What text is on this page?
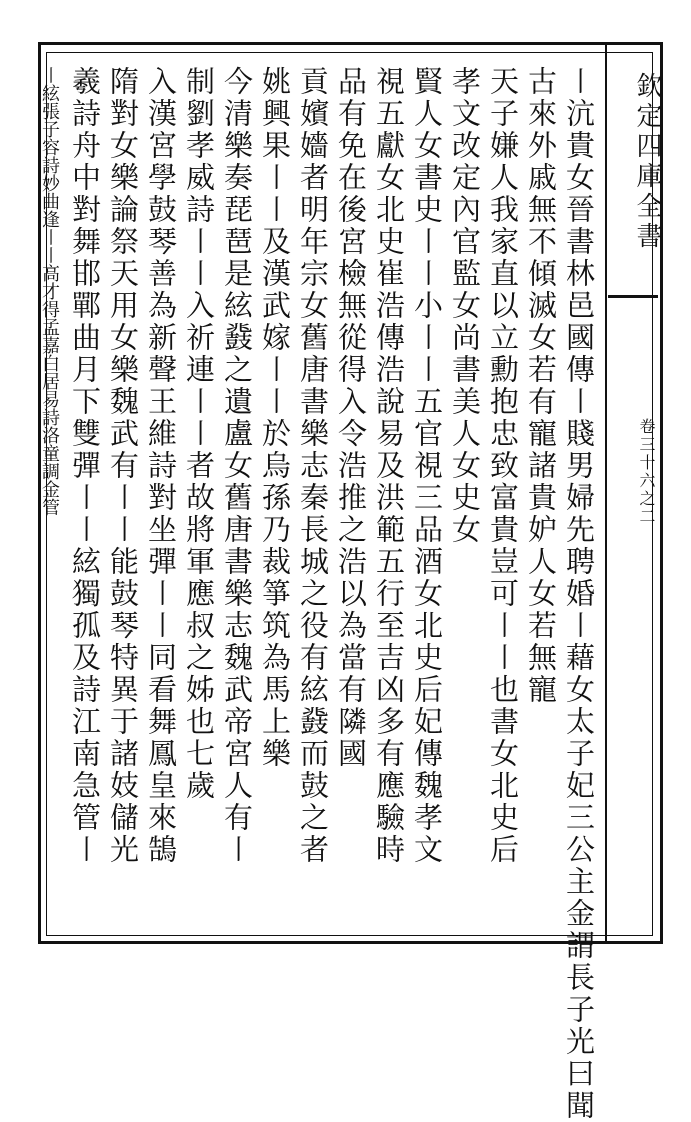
欽定四庫全書
卷三十六之二
〡沆貴女晉書林邑國傳〡賤男婦先聘婚〡藉女太子妃三公主金謂長子光曰聞
古來外戚無不傾滅女若有寵諸貴妒人女若無寵
天子嫌人我家直以立勳抱忠致富貴豈可〡〡也書女北史后
孝文改定內官監女尚書美人女史女
賢人女書史〡〡小〡〡五官視三品酒女北史后妃傳魏孝文
視五獻女北史崔浩傳浩說易及洪範五行至吉凶多有應驗時
品有免在後宮檢無從得入令浩推之浩以為當有隣國
貢嬪嬙者明年宗女舊唐書樂志秦長城之役有絃鼗而鼓之者
姚興果〡〡及漢武嫁〡〡於烏孫乃裁箏筑為馬上樂
今清樂奏琵琶是絃鼗之遺盧女舊唐書樂志魏武帝宮人有〡
制劉孝威詩〡〡入祈連〡〡者故將軍應叔之姊也七歲
入漢宮學鼓琴善為新聲王維詩對坐彈〡〡同看舞鳳皇來鵠
隋對女樂論祭天用女樂魏武有〡〡能鼓琴特異于諸妓儲光
羲詩舟中對舞邯鄲曲月下雙彈〡〡絃獨孤及詩江南急管〡
〡絃張子容詩妙曲逢〡〡高才得孟嘉白居易詩洛童調金管
